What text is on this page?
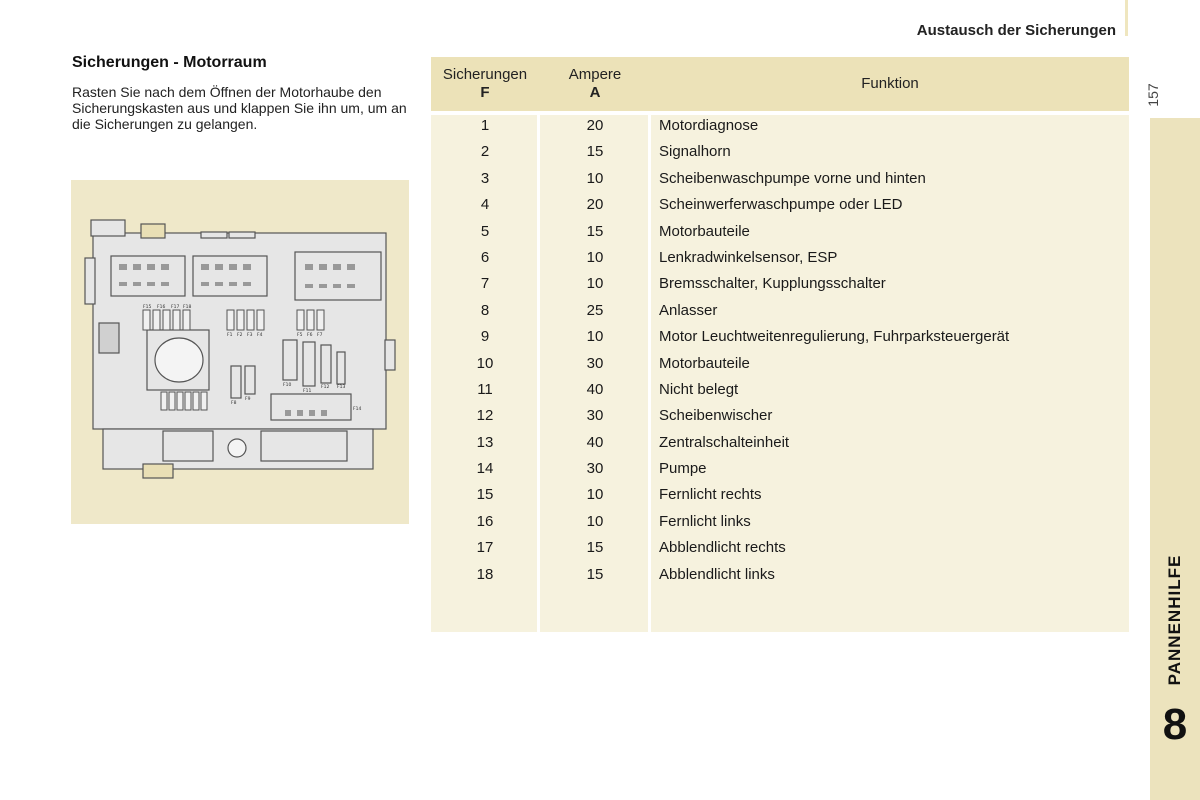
Austausch der Sicherungen
157
PANNENHILFE
8
Sicherungen - Motorraum

Rasten Sie nach dem Öffnen der Motorhaube den Sicherungskasten aus und klappen Sie ihn um, um an die Sicherungen zu gelangen.

F15 F16 F17 F18
F1 F2 F3 F4	F5 F6 F7
F8
F9
F10
F11
F12 F13
F14
Sicherungen
F
Ampere
A
Funktion
1	20	Motordiagnose
2	15	Signalhorn
3	10	Scheibenwaschpumpe vorne und hinten
4	20	Scheinwerferwaschpumpe oder LED
5	15	Motorbauteile
6	10	Lenkradwinkelsensor, ESP
7	10	Bremsschalter, Kupplungsschalter
8	25	Anlasser
9	10	Motor Leuchtweitenregulierung, Fuhrparksteuergerät
10	30	Motorbauteile
11	40	Nicht belegt
12	30	Scheibenwischer
13	40	Zentralschalteinheit
14	30	Pumpe
15	10	Fernlicht rechts
16	10	Fernlicht links
17	15	Abblendlicht rechts
18	15	Abblendlicht links
